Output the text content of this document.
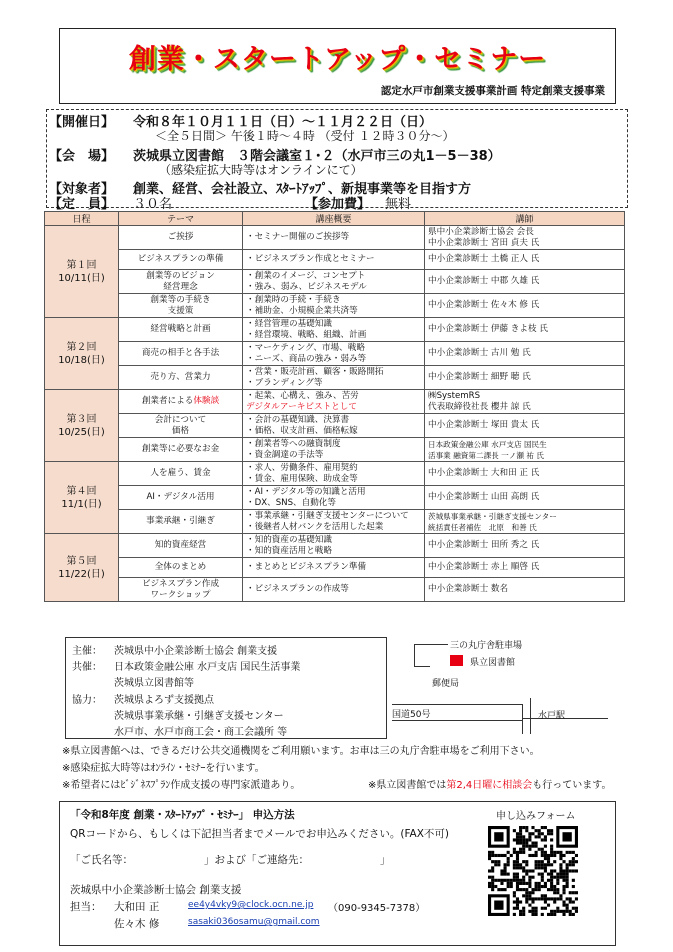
創業・スタートアップ・セミナー
認定水戸市創業支援事業計画 特定創業支援事業
【開催日】 令和８年１０月１１日（日）～１１月２２日（日）
＜全５日間＞ 午後１時～４時 （受付 １２時３０分～）
【会　場】 茨城県立図書館　３階会議室１･２（水戸市三の丸1－5－38）
（感染症拡大時等はオンラインにて）
【対象者】 創業、経営、会社設立、ｽﾀｰﾄｱｯﾌﾟ、新規事業等を目指す方
【定　員】 ３０名	【参加費】 無料
日程	テーマ	講座概要	講師
第１回
10/11(日)	ご挨拶	・セミナー開催のご挨拶等	県中小企業診断士協会 会長
中小企業診断士 宮田 貞夫 氏
	ビジネスプランの準備	・ビジネスプラン作成とセミナー	中小企業診断士 土橋 正人 氏
	創業等のビジョン
経営理念	・創業のイメージ、コンセプト
・強み、弱み、ビジネスモデル	中小企業診断士 中郡 久雄 氏
	創業等の手続き
支援策	・創業時の手続・手続き
・補助金、小規模企業共済等	中小企業診断士 佐々木 修 氏
第２回
10/18(日)	経営戦略と計画	・経営管理の基礎知識
・経営環境、戦略、組織、計画	中小企業診断士 伊藤 きよ枝 氏
	商売の相手と各手法	・マーケティング、市場、戦略
・ニーズ、商品の強み・弱み等	中小企業診断士 古川 勉 氏
	売り方、営業力	・営業・販売計画、顧客・販路開拓
・ブランディング等	中小企業診断士 細野 聴 氏
第３回
10/25(日)	創業者による体験談	・起業、心構え、強み、苦労
デジタルアーキビストとして	㈱SystemRS
代表取締役社長 櫻井 諒 氏
	会計について
価格	・会計の基礎知識、決算書
・価格、収支計画、価格転嫁	中小企業診断士 塚田 貴太 氏
	創業等に必要なお金	・創業者等への融資制度
・資金調達の手法等	日本政策金融公庫 水戸支店 国民生
活事業 融資第二課長 一ノ瀬 祐 氏
第４回
11/1(日)	人を雇う、賃金	・求人、労働条件、雇用契約
・賃金、雇用保険、助成金等	中小企業診断士 大和田 正 氏
	AI・デジタル活用	・AI・デジタル等の知識と活用
・DX、SNS、自動化等	中小企業診断士 山田 高朗 氏
	事業承継・引継ぎ	・事業承継・引継ぎ支援センターについて
・後継者人材バンクを活用した起業	茨城県事業承継・引継ぎ支援センター
統括責任者補佐　北原　和善 氏
第５回
11/22(日)	知的資産経営	・知的資産の基礎知識
・知的資産活用と戦略	中小企業診断士 田所 秀之 氏
	全体のまとめ	・まとめとビジネスプラン準備	中小企業診断士 赤上 順啓 氏
	ビジネスプラン作成
ワークショップ	・ビジネスプランの作成等	中小企業診断士 数名
主催： 茨城県中小企業診断士協会 創業支援
共催： 日本政策金融公庫 水戸支店 国民生活事業
茨城県立図書館等
協力： 茨城県よろず支援拠点
茨城県事業承継・引継ぎ支援センター
水戸市、水戸市商工会・商工会議所 等
三の丸庁舎駐車場
県立図書館
郵便局
国道50号	水戸駅
※県立図書館へは、できるだけ公共交通機関をご利用願います。お車は三の丸庁舎駐車場をご利用下さい。
※感染症拡大時等はｵﾝﾗｲﾝ・ｾﾐﾅｰを行います。
※希望者にはﾋﾞｼﾞﾈｽﾌﾟﾗﾝ作成支援の専門家派遣あり。	※県立図書館では第2,4日曜に相談会も行っています。
「令和8年度 創業・ｽﾀｰﾄｱｯﾌﾟ・ｾﾐﾅｰ」 申込方法	申し込みフォーム
QRコードから、もしくは下記担当者までメールでお申込みください。(FAX不可)
「ご氏名等：	」および「ご連絡先：	」
茨城県中小企業診断士協会 創業支援
担当： 大和田 正	ee4y4vky9@clock.ocn.ne.jp （090-9345-7378）
佐々木 修	sasaki036osamu@gmail.com
